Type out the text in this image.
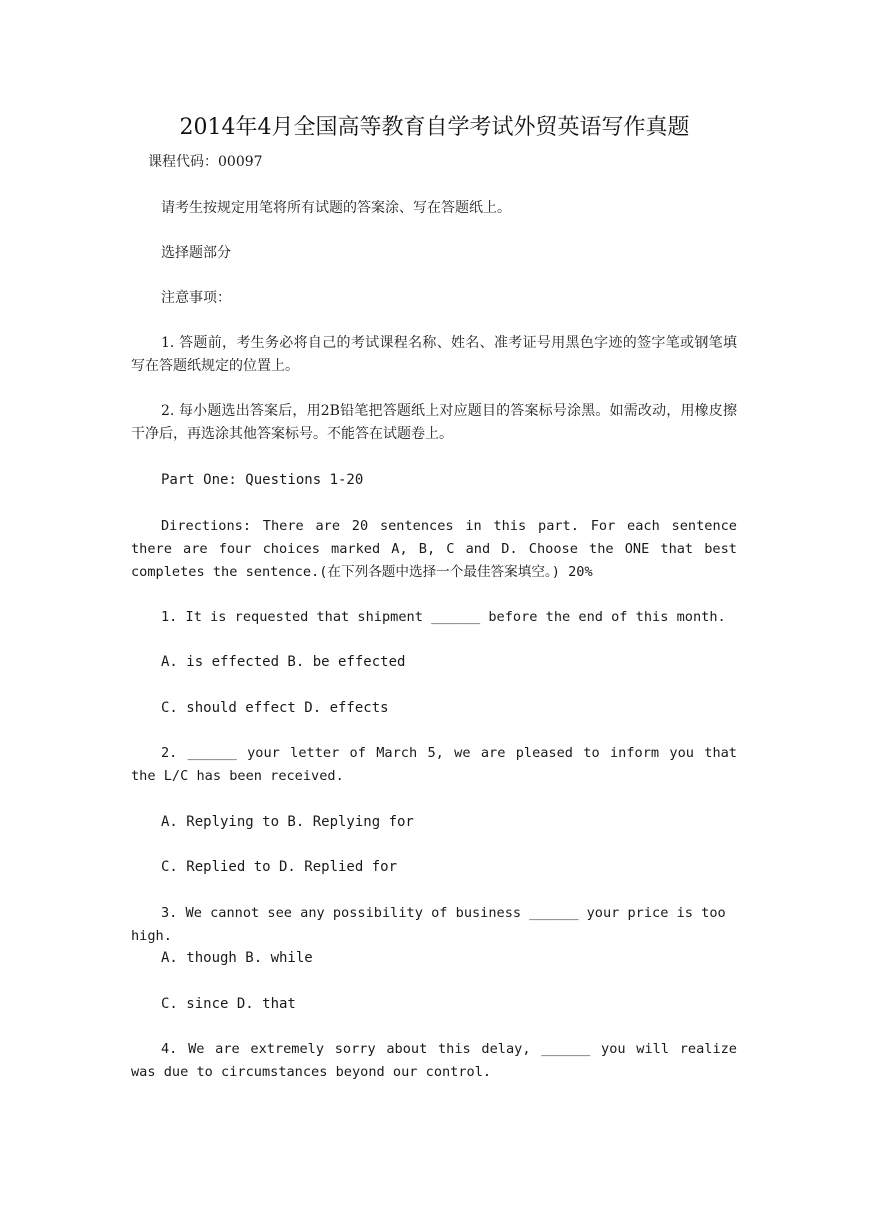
2014年4月全国高等教育自学考试外贸英语写作真题
课程代码：00097
请考生按规定用笔将所有试题的答案涂、写在答题纸上。
选择题部分
注意事项：
1. 答题前，考生务必将自己的考试课程名称、姓名、准考证号用黑色字迹的签字笔或钢笔填写在答题纸规定的位置上。
2. 每小题选出答案后，用2B铅笔把答题纸上对应题目的答案标号涂黑。如需改动，用橡皮擦干净后，再选涂其他答案标号。不能答在试题卷上。
Part One: Questions 1-20
Directions: There are 20 sentences in this part. For each sentence there are four choices marked A, B, C and D. Choose the ONE that best completes the sentence.(在下列各题中选择一个最佳答案填空。) 20%
1. It is requested that shipment ______ before the end of this month.
A. is effected B. be effected
C. should effect D. effects
2. ______ your letter of March 5, we are pleased to inform you that the L/C has been received.
A. Replying to B. Replying for
C. Replied to D. Replied for
3. We cannot see any possibility of business ______ your price is too high.
A. though B. while
C. since D. that
4. We are extremely sorry about this delay, ______ you will realize was due to circumstances beyond our control.
